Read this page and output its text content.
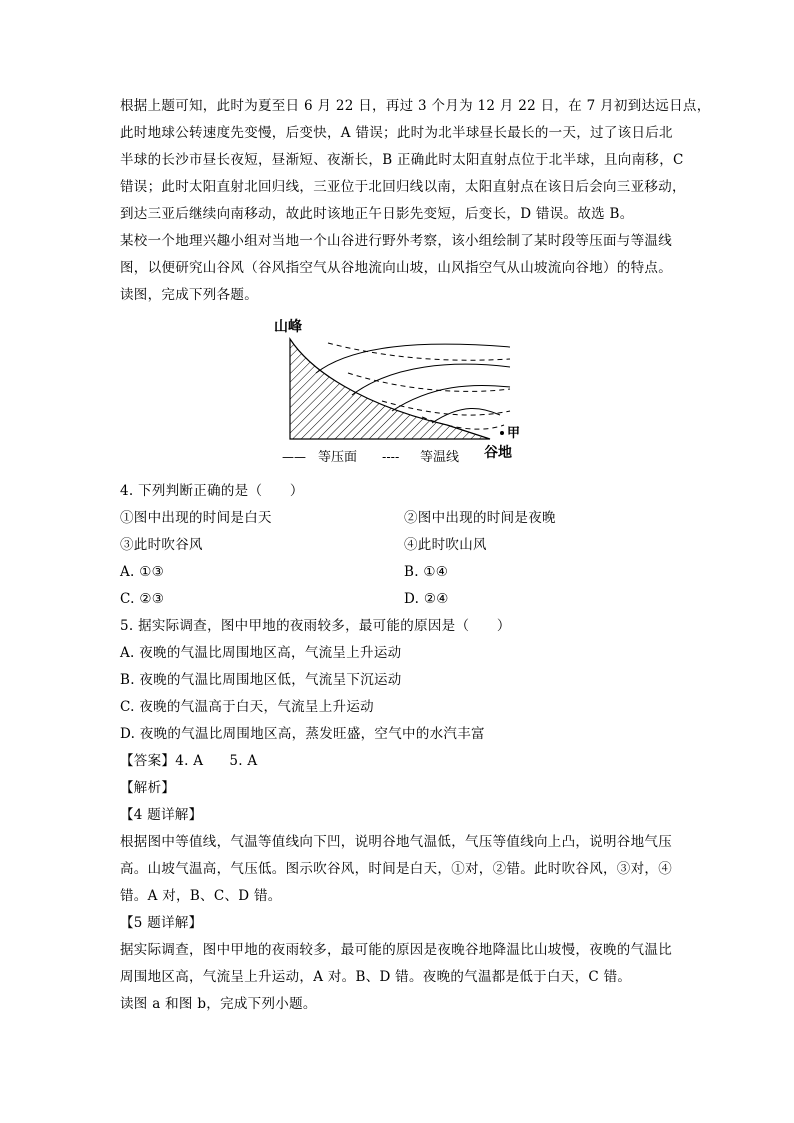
根据上题可知，此时为夏至日 6 月 22 日，再过 3 个月为 12 月 22 日，在 7 月初到达远日点，
此时地球公转速度先变慢，后变快，A 错误；此时为北半球昼长最长的一天，过了该日后北
半球的长沙市昼长夜短，昼渐短、夜渐长，B 正确此时太阳直射点位于北半球，且向南移，C
错误；此时太阳直射北回归线，三亚位于北回归线以南，太阳直射点在该日后会向三亚移动，
到达三亚后继续向南移动，故此时该地正午日影先变短，后变长，D 错误。故选 B。
某校一个地理兴趣小组对当地一个山谷进行野外考察，该小组绘制了某时段等压面与等温线
图，以便研究山谷风（谷风指空气从谷地流向山坡，山风指空气从山坡流向谷地）的特点。
读图，完成下列各题。
甲
山峰
谷地
—— 等压面 ---- 等温线
4. 下列判断正确的是（　　）
①图中出现的时间是白天	②图中出现的时间是夜晚
③此时吹谷风	④此时吹山风
A. ①③	B. ①④
C. ②③	D. ②④
5. 据实际调查，图中甲地的夜雨较多，最可能的原因是（　　）
A. 夜晚的气温比周围地区高，气流呈上升运动
B. 夜晚的气温比周围地区低，气流呈下沉运动
C. 夜晚的气温高于白天，气流呈上升运动
D. 夜晚的气温比周围地区高，蒸发旺盛，空气中的水汽丰富
【答案】4. A 5. A
【解析】
【4 题详解】
根据图中等值线，气温等值线向下凹，说明谷地气温低，气压等值线向上凸，说明谷地气压
高。山坡气温高，气压低。图示吹谷风，时间是白天，①对，②错。此时吹谷风，③对，④
错。A 对，B、C、D 错。
【5 题详解】
据实际调查，图中甲地的夜雨较多，最可能的原因是夜晚谷地降温比山坡慢，夜晚的气温比
周围地区高，气流呈上升运动，A 对。B、D 错。夜晚的气温都是低于白天，C 错。
读图 a 和图 b，完成下列小题。
